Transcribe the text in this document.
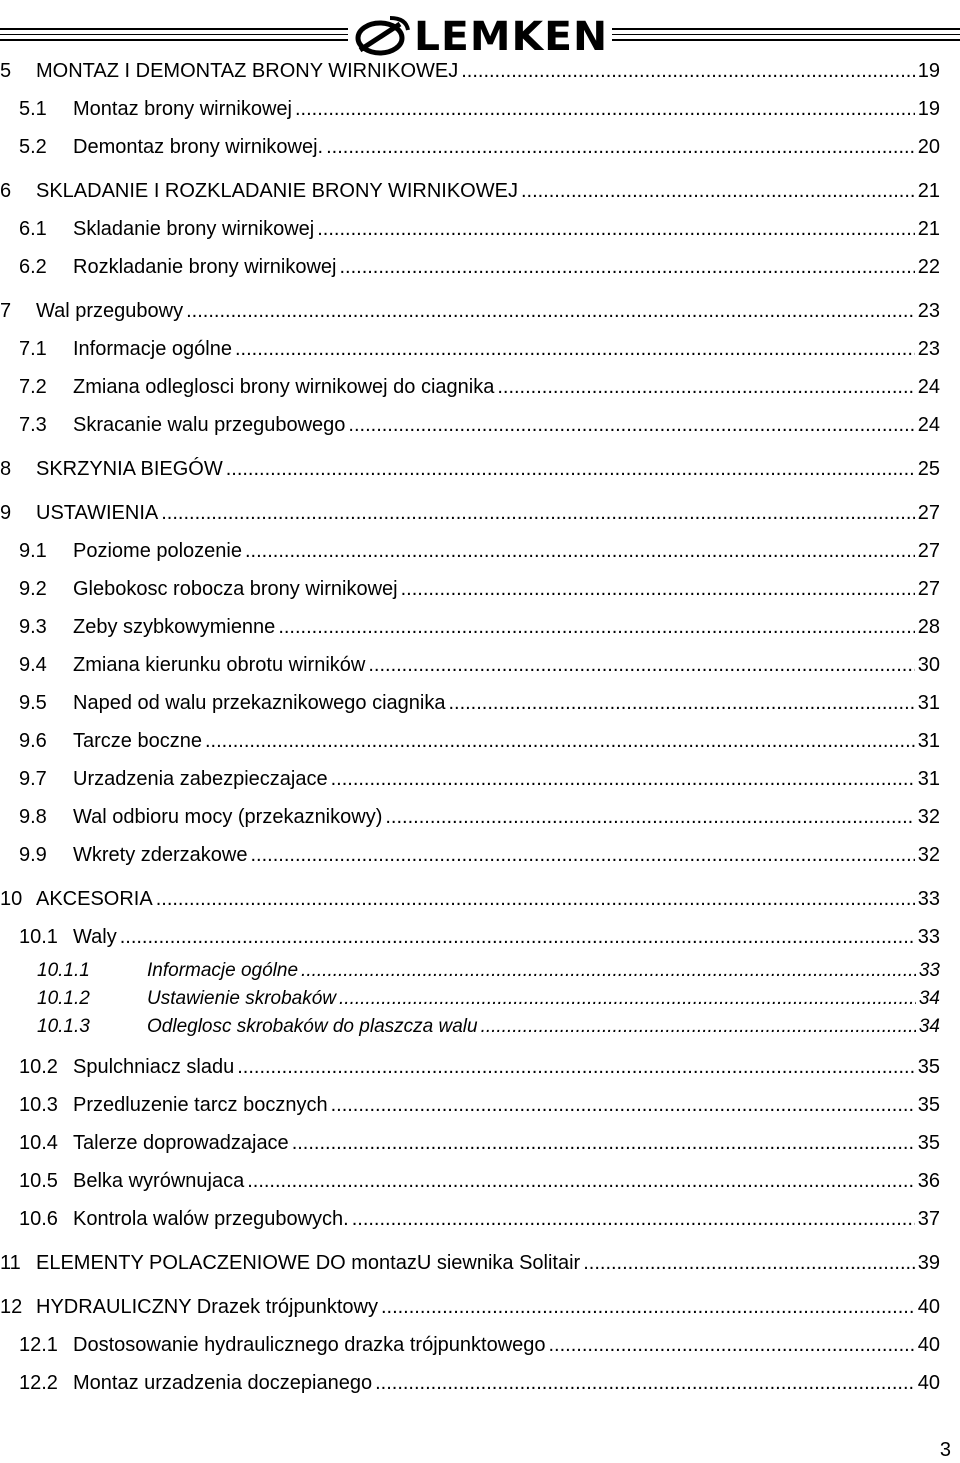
LEMKEN
5	MONTAZ I DEMONTAZ BRONY WIRNIKOWEJ .....	19
5.1	Montaz brony wirnikowej .....	19
5.2	Demontaz brony wirnikowej. .....	20
6	SKLADANIE I ROZKLADANIE BRONY WIRNIKOWEJ .....	21
6.1	Skladanie brony wirnikowej .....	21
6.2	Rozkladanie brony wirnikowej .....	22
7	Wal przegubowy .....	23
7.1	Informacje ogólne .....	23
7.2	Zmiana odleglosci brony wirnikowej do ciagnika .....	24
7.3	Skracanie walu przegubowego .....	24
8	SKRZYNIA BIEGÓW .....	25
9	USTAWIENIA .....	27
9.1	Poziome polozenie .....	27
9.2	Glebokosc robocza brony wirnikowej .....	27
9.3	Zeby szybkowymienne .....	28
9.4	Zmiana kierunku obrotu wirników .....	30
9.5	Naped od walu przekaznikowego ciagnika .....	31
9.6	Tarcze boczne .....	31
9.7	Urzadzenia zabezpieczajace .....	31
9.8	Wal odbioru mocy (przekaznikowy) .....	32
9.9	Wkrety zderzakowe .....	32
10 AKCESORIA .....	33
10.1 Waly .....	33
10.1.1	Informacje ogólne .....	33
10.1.2	Ustawienie skrobaków .....	34
10.1.3	Odleglosc skrobaków do plaszcza walu .....	34
10.2 Spulchniacz sladu .....	35
10.3 Przedluzenie tarcz bocznych .....	35
10.4 Talerze doprowadzajace .....	35
10.5 Belka wyrównujaca .....	36
10.6 Kontrola walów przegubowych. .....	37
11 ELEMENTY POLACZENIOWE DO montazU siewnika Solitair .....	39
12 HYDRAULICZNY Drazek trójpunktowy .....	40
12.1 Dostosowanie hydraulicznego drazka trójpunktowego .....	40
12.2 Montaz urzadzenia doczepianego .....	40
3
